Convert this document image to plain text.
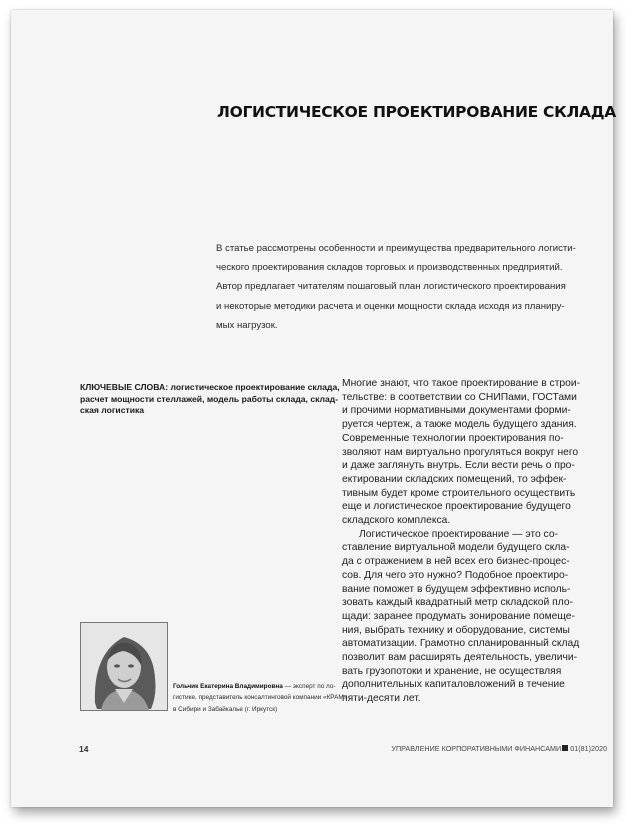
ЛОГИСТИЧЕСКОЕ ПРОЕКТИРОВАНИЕ СКЛАДА
В статье рассмотрены особенности и преимущества предварительного логисти-
ческого проектирования складов торговых и производственных предприятий.
Автор предлагает читателям пошаговый план логистического проектирования
и некоторые методики расчета и оценки мощности склада исходя из планиру-
мых нагрузок.
КЛЮЧЕВЫЕ СЛОВА: логистическое проектирование склада,
расчет мощности стеллажей, модель работы склада, склад-
ская логистика
Многие знают, что такое проектирование в строи-
тельстве: в соответствии со СНИПами, ГОСТами
и прочими нормативными документами форми-
руется чертеж, а также модель будущего здания.
Современные технологии проектирования по-
зволяют нам виртуально прогуляться вокруг него
и даже заглянуть внутрь. Если вести речь о про-
ектировании складских помещений, то эффек-
тивным будет кроме строительного осуществить
еще и логистическое проектирование будущего
складского комплекса.
Логистическое проектирование — это со-
ставление виртуальной модели будущего скла-
да с отражением в ней всех его бизнес-процес-
сов. Для чего это нужно? Подобное проектиро-
вание поможет в будущем эффективно исполь-
зовать каждый квадратный метр складской пло-
щади: заранее продумать зонирование помеще-
ния, выбрать технику и оборудование, системы
автоматизации. Грамотно спланированный склад
позволит вам расширять деятельность, увеличи-
вать грузопотоки и хранение, не осуществляя
дополнительных капиталовложений в течение
пяти-десяти лет.
Гольчик Екатерина Владимировна — эксперт по ло-
гистике, представитель консалтинговой компании «КРАМ»
в Сибири и Забайкалье (г. Иркутск)
14	УПРАВЛЕНИЕ КОРПОРАТИВНЫМИ ФИНАНСАМИ 01(81)2020
